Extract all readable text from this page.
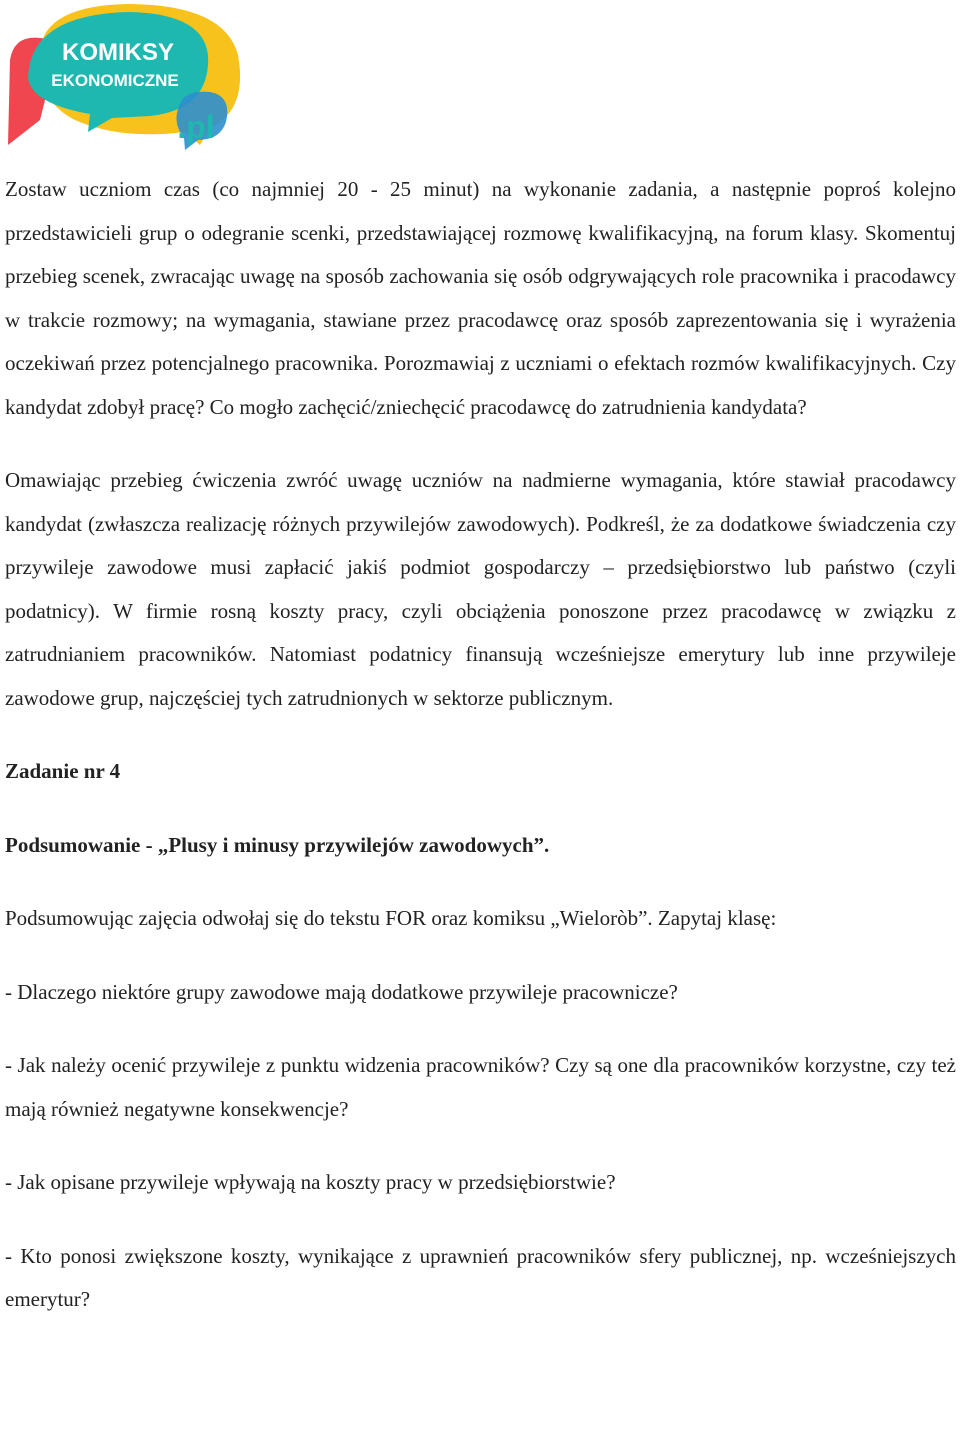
KOMIKSY
EKONOMICZNE
.pl

Zostaw uczniom czas (co najmniej 20 - 25 minut) na wykonanie zadania, a następnie poproś kolejno przedstawicieli grup o odegranie scenki, przedstawiającej rozmowę kwalifikacyjną, na forum klasy. Skomentuj przebieg scenek, zwracając uwagę na sposób zachowania się osób odgrywających role pracownika i pracodawcy w trakcie rozmowy; na wymagania, stawiane przez pracodawcę oraz sposób zaprezentowania się i wyrażenia oczekiwań przez potencjalnego pracownika. Porozmawiaj z uczniami o efektach rozmów kwalifikacyjnych. Czy kandydat zdobył pracę? Co mogło zachęcić/zniechęcić pracodawcę do zatrudnienia kandydata?

Omawiając przebieg ćwiczenia zwróć uwagę uczniów na nadmierne wymagania, które stawiał pracodawcy kandydat (zwłaszcza realizację różnych przywilejów zawodowych). Podkreśl, że za dodatkowe świadczenia czy przywileje zawodowe musi zapłacić jakiś podmiot gospodarczy – przedsiębiorstwo lub państwo (czyli podatnicy). W firmie rosną koszty pracy, czyli obciążenia ponoszone przez pracodawcę w związku z zatrudnianiem pracowników. Natomiast podatnicy finansują wcześniejsze emerytury lub inne przywileje zawodowe grup, najczęściej tych zatrudnionych w sektorze publicznym.

Zadanie nr 4

Podsumowanie - „Plusy i minusy przywilejów zawodowych”.

Podsumowując zajęcia odwołaj się do tekstu FOR oraz komiksu „Wieloròb”. Zapytaj klasę:

- Dlaczego niektóre grupy zawodowe mają dodatkowe przywileje pracownicze?

- Jak należy ocenić przywileje z punktu widzenia pracowników? Czy są one dla pracowników korzystne, czy też mają również negatywne konsekwencje?

- Jak opisane przywileje wpływają na koszty pracy w przedsiębiorstwie?

- Kto ponosi zwiększone koszty, wynikające z uprawnień pracowników sfery publicznej, np. wcześniejszych emerytur?
